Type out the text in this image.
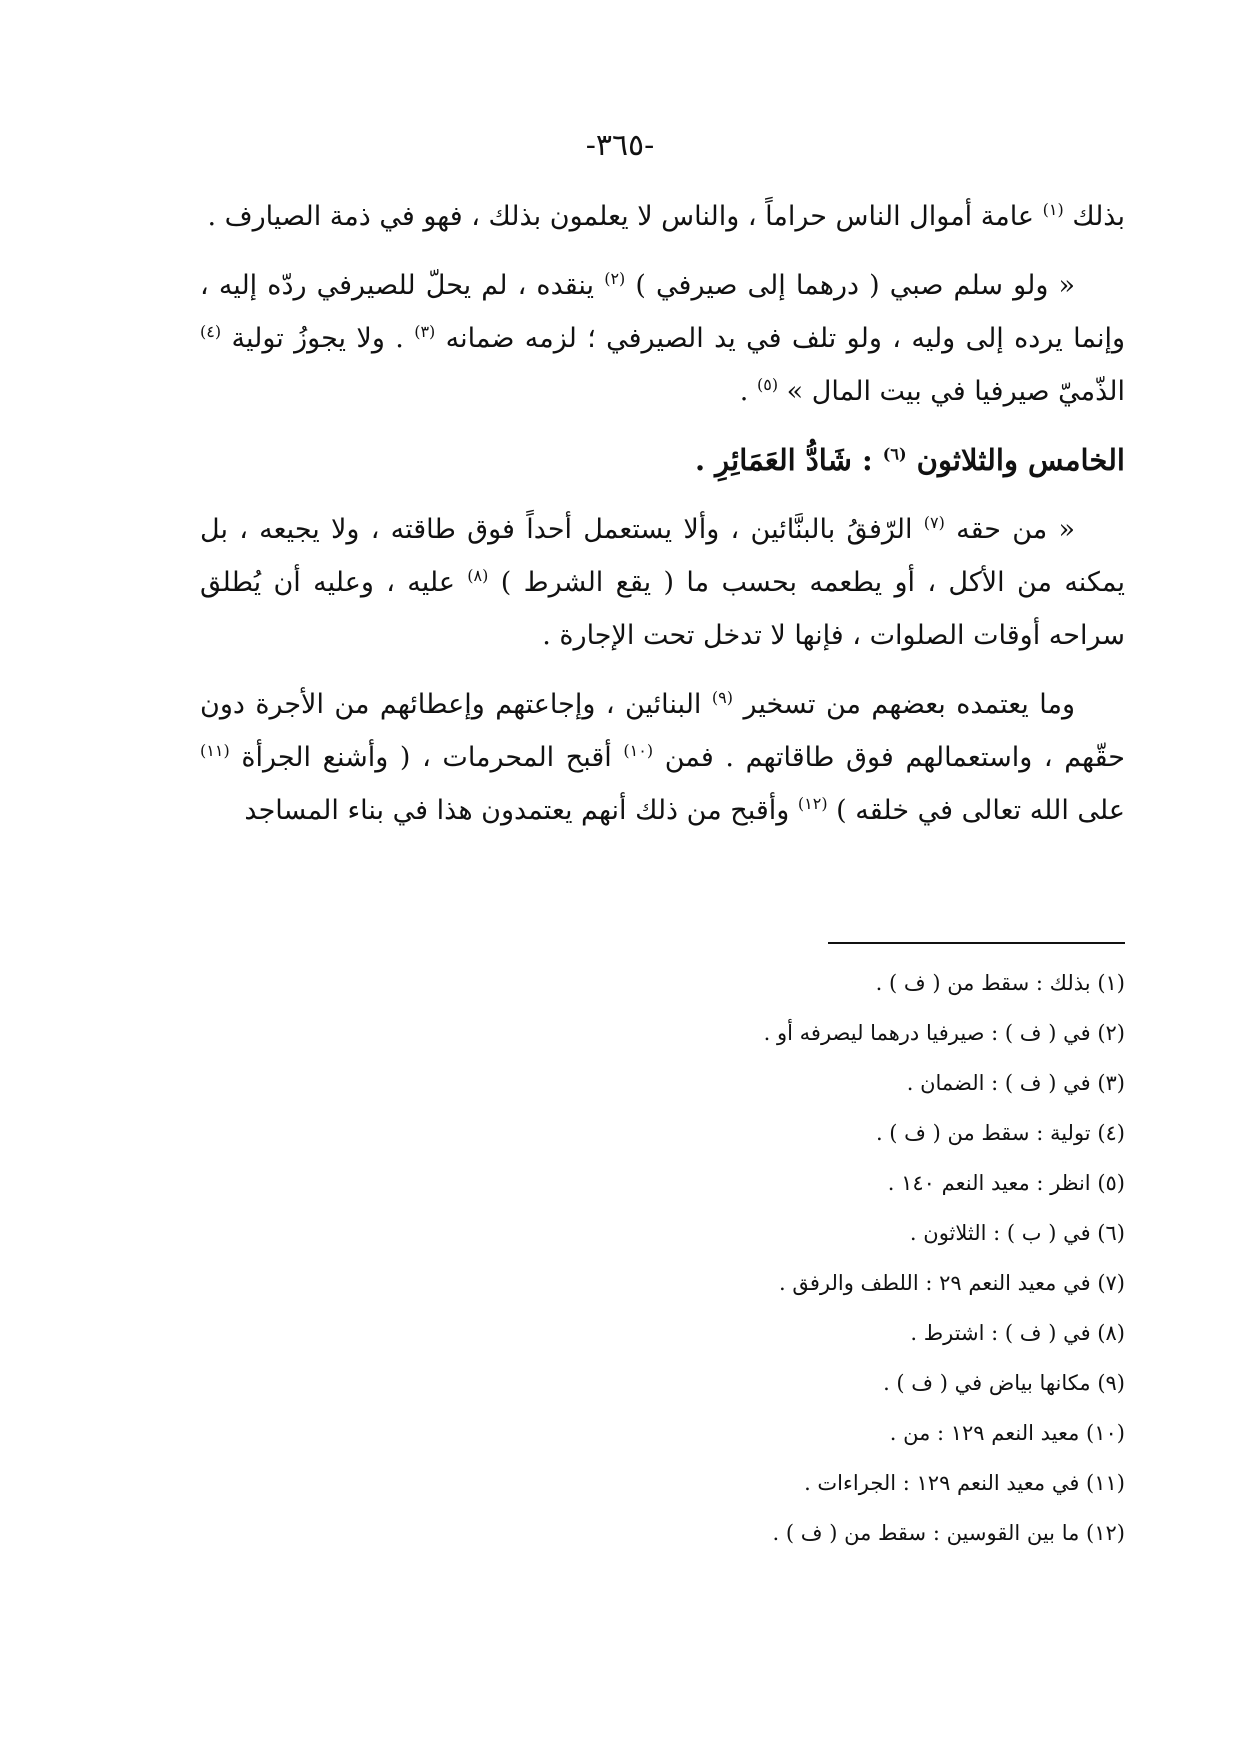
-٣٦٥-

بذلك $^{(١)}$ عامة أموال الناس حراماً ، والناس لا يعلمون بذلك ، فهو في ذمة الصيارف .

« ولو سلم صبي ( درهما إلى صيرفي ) $^{(٢)}$ ينقده ، لم يحلّ للصيرفي ردّه إليه ، وإنما يرده إلى وليه ، ولو تلف في يد الصيرفي ؛ لزمه ضمانه $^{(٣)}$ . ولا يجوزُ تولية $^{(٤)}$ الذّميّ صيرفيا في بيت المال » $^{(٥)}$ .

الخامس والثلاثون $^{(٦)}$ : شَادُّ العَمَائِرِ .

« من حقه $^{(٧)}$ الرّفقُ بالبنَّائين ، وألا يستعمل أحداً فوق طاقته ، ولا يجيعه ، بل يمكنه من الأكل ، أو يطعمه بحسب ما ( يقع الشرط ) $^{(٨)}$ عليه ، وعليه أن يُطلق سراحه أوقات الصلوات ، فإنها لا تدخل تحت الإجارة .

وما يعتمده بعضهم من تسخير $^{(٩)}$ البنائين ، وإجاعتهم وإعطائهم من الأجرة دون حقّهم ، واستعمالهم فوق طاقاتهم . فمن $^{(١٠)}$ أقبح المحرمات ، ( وأشنع الجرأة $^{(١١)}$ على الله تعالى في خلقه ) $^{(١٢)}$ وأقبح من ذلك أنهم يعتمدون هذا في بناء المساجد

(١) بذلك : سقط من ( ف ) .
(٢) في ( ف ) : صيرفيا درهما ليصرفه أو .
(٣) في ( ف ) : الضمان .
(٤) تولية : سقط من ( ف ) .
(٥) انظر : معيد النعم ١٤٠ .
(٦) في ( ب ) : الثلاثون .
(٧) في معيد النعم ٢٩ : اللطف والرفق .
(٨) في ( ف ) : اشترط .
(٩) مكانها بياض في ( ف ) .
(١٠) معيد النعم ١٢٩ : من .
(١١) في معيد النعم ١٢٩ : الجراءات .
(١٢) ما بين القوسين : سقط من ( ف ) .
